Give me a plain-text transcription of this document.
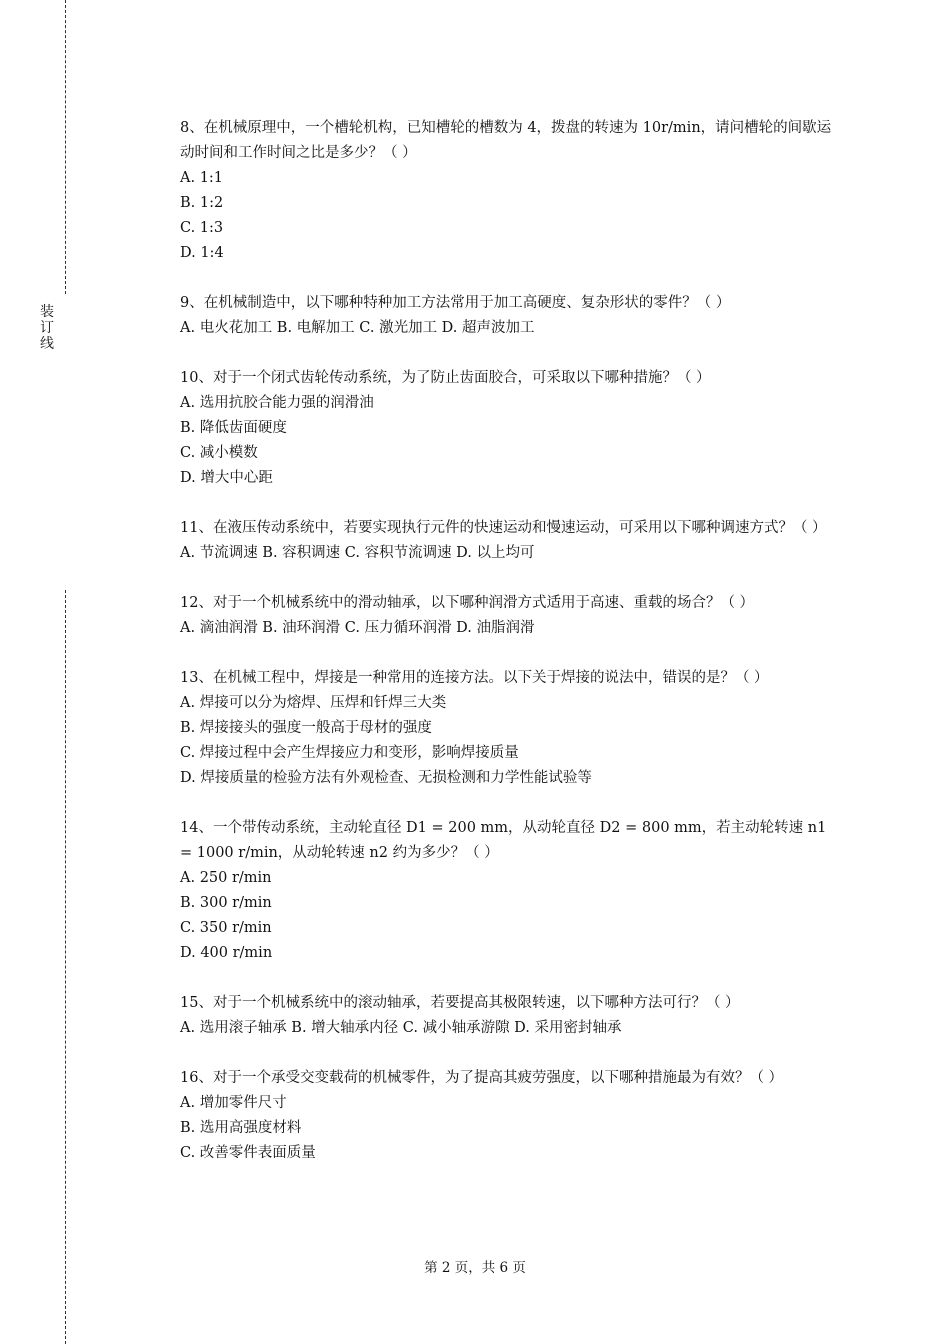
装
订
线

8、在机械原理中，一个槽轮机构，已知槽轮的槽数为 4，拨盘的转速为 10r/min，请问槽轮的间歇运动时间和工作时间之比是多少？（ ）

A. 1:1

B. 1:2

C. 1:3

D. 1:4

9、在机械制造中，以下哪种特种加工方法常用于加工高硬度、复杂形状的零件？（ ）

A. 电火花加工 B. 电解加工 C. 激光加工 D. 超声波加工

10、对于一个闭式齿轮传动系统，为了防止齿面胶合，可采取以下哪种措施？（ ）

A. 选用抗胶合能力强的润滑油

B. 降低齿面硬度

C. 减小模数

D. 增大中心距

11、在液压传动系统中，若要实现执行元件的快速运动和慢速运动，可采用以下哪种调速方式？（ ）

A. 节流调速 B. 容积调速 C. 容积节流调速 D. 以上均可

12、对于一个机械系统中的滑动轴承，以下哪种润滑方式适用于高速、重载的场合？（ ）

A. 滴油润滑 B. 油环润滑 C. 压力循环润滑 D. 油脂润滑

13、在机械工程中，焊接是一种常用的连接方法。以下关于焊接的说法中，错误的是？（ ）

A. 焊接可以分为熔焊、压焊和钎焊三大类

B. 焊接接头的强度一般高于母材的强度

C. 焊接过程中会产生焊接应力和变形，影响焊接质量

D. 焊接质量的检验方法有外观检查、无损检测和力学性能试验等

14、一个带传动系统，主动轮直径 D1 = 200 mm，从动轮直径 D2 = 800 mm，若主动轮转速 n1 = 1000 r/min，从动轮转速 n2 约为多少？（ ）

A. 250 r/min

B. 300 r/min

C. 350 r/min

D. 400 r/min

15、对于一个机械系统中的滚动轴承，若要提高其极限转速，以下哪种方法可行？（ ）

A. 选用滚子轴承 B. 增大轴承内径 C. 减小轴承游隙 D. 采用密封轴承

16、对于一个承受交变载荷的机械零件，为了提高其疲劳强度，以下哪种措施最为有效？（ ）

A. 增加零件尺寸

B. 选用高强度材料

C. 改善零件表面质量

第 2 页，共 6 页
